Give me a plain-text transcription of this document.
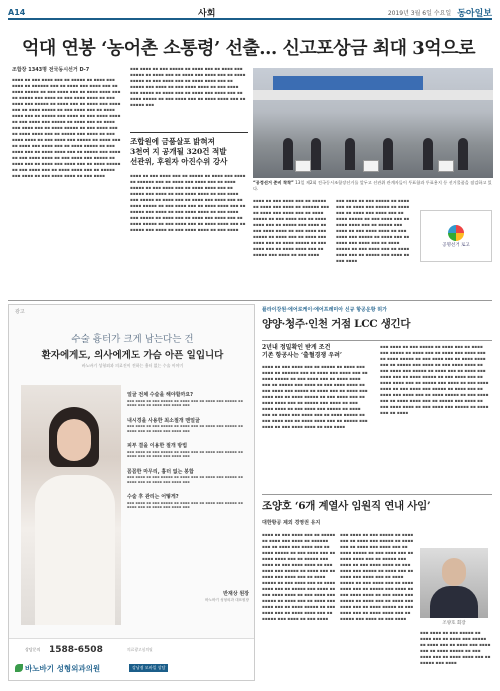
A14	사회	2019년 3월 6일 수요일 동아일보
억대 연봉 ‘농어촌 소통령’ 선출… 신고포상금 최대 3억으로
조합장 1343명 전국동시선거 D-7
▪▪▪▪ ▪▪ ▪▪▪ ▪▪▪▪ ▪▪▪ ▪▪ ▪▪▪▪▪ ▪▪ ▪▪▪▪ ▪▪▪ ▪▪▪▪ ▪▪ ▪▪▪▪▪▪ ▪▪▪ ▪▪ ▪▪▪▪ ▪▪▪ ▪▪▪▪ ▪▪▪ ▪▪ ▪▪▪▪ ▪▪▪▪▪ ▪▪ ▪▪▪ ▪▪▪▪ ▪▪▪ ▪▪ ▪▪▪▪ ▪▪▪▪ ▪▪▪ ▪▪ ▪▪▪▪▪ ▪▪▪ ▪▪▪▪ ▪▪ ▪▪▪ ▪▪▪▪ ▪▪▪▪ ▪▪ ▪▪▪ ▪▪▪▪ ▪▪▪ ▪▪▪▪▪ ▪▪ ▪▪▪▪ ▪▪▪ ▪▪ ▪▪▪▪ ▪▪▪ ▪▪▪▪ ▪▪▪ ▪▪ ▪▪▪▪ ▪▪▪▪▪ ▪▪ ▪▪▪ ▪▪▪▪ ▪▪▪ ▪▪ ▪▪▪▪ ▪▪▪▪ ▪▪▪ ▪▪ ▪▪▪▪▪ ▪▪▪ ▪▪▪▪ ▪▪ ▪▪▪ ▪▪▪▪ ▪▪▪▪ ▪▪ ▪▪▪ ▪▪▪▪ ▪▪▪ ▪▪▪▪▪ ▪▪ ▪▪▪▪ ▪▪▪ ▪▪ ▪▪▪▪ ▪▪▪ ▪▪▪▪ ▪▪▪ ▪▪ ▪▪▪▪ ▪▪▪▪▪ ▪▪ ▪▪▪ ▪▪▪▪ ▪▪▪ ▪▪ ▪▪▪▪ ▪▪▪▪ ▪▪▪ ▪▪ ▪▪▪▪▪ ▪▪▪ ▪▪▪▪ ▪▪ ▪▪▪ ▪▪▪▪ ▪▪▪▪ ▪▪ ▪▪▪ ▪▪▪▪ ▪▪▪ ▪▪▪▪▪ ▪▪ ▪▪▪▪ ▪▪▪ ▪▪ ▪▪▪▪ ▪▪▪ ▪▪▪▪ ▪▪▪ ▪▪ ▪▪▪▪ ▪▪▪▪▪ ▪▪ ▪▪▪ ▪▪▪▪ ▪▪▪ ▪▪ ▪▪▪▪ ▪▪▪▪ ▪▪▪ ▪▪ ▪▪▪▪▪ ▪▪▪ ▪▪▪▪ ▪▪ ▪▪▪ ▪▪▪▪ ▪▪▪▪ ▪▪ ▪▪▪ ▪▪▪▪ ▪▪▪ ▪▪▪▪▪ ▪▪ ▪▪▪▪ ▪▪▪ ▪▪ ▪▪▪▪ ▪▪▪ ▪▪▪▪ ▪▪▪ ▪▪ ▪▪▪▪ ▪▪▪▪▪ ▪▪ ▪▪▪ ▪▪▪▪ ▪▪▪ ▪▪ ▪▪▪▪ ▪▪▪▪ ▪▪▪ ▪▪ ▪▪▪▪▪ ▪▪▪ ▪▪▪▪ ▪▪ ▪▪▪ ▪▪▪▪ ▪▪▪▪ ▪▪ ▪▪▪ ▪▪▪▪
▪▪▪ ▪▪▪▪ ▪▪ ▪▪▪ ▪▪▪▪▪ ▪▪ ▪▪▪▪ ▪▪▪ ▪▪ ▪▪▪▪ ▪▪▪ ▪▪▪▪▪ ▪▪ ▪▪▪▪ ▪▪▪ ▪▪ ▪▪▪▪ ▪▪▪ ▪▪▪▪ ▪▪▪ ▪▪ ▪▪▪▪ ▪▪▪▪▪ ▪▪ ▪▪▪ ▪▪▪▪ ▪▪▪ ▪▪ ▪▪▪▪ ▪▪▪▪ ▪▪▪ ▪▪ ▪▪▪▪▪ ▪▪▪ ▪▪▪▪ ▪▪ ▪▪▪ ▪▪▪▪ ▪▪▪▪ ▪▪ ▪▪▪ ▪▪▪▪ ▪▪▪ ▪▪▪▪▪ ▪▪ ▪▪▪▪ ▪▪▪ ▪▪ ▪▪▪▪ ▪▪▪ ▪▪▪▪ ▪▪▪ ▪▪ ▪▪▪▪ ▪▪▪▪▪ ▪▪ ▪▪▪ ▪▪▪▪ ▪▪▪ ▪▪ ▪▪▪▪ ▪▪▪▪ ▪▪▪ ▪▪ ▪▪▪▪▪ ▪▪▪
조합원에 금품살포 밝혀져
3천여 지 공개될 320건 적발
선관위, 후원자 아진수위 강사
▪▪▪▪ ▪▪ ▪▪▪ ▪▪▪▪ ▪▪▪ ▪▪ ▪▪▪▪▪ ▪▪ ▪▪▪▪ ▪▪▪ ▪▪▪▪ ▪▪ ▪▪▪▪▪▪ ▪▪▪ ▪▪ ▪▪▪▪ ▪▪▪ ▪▪▪▪ ▪▪▪ ▪▪ ▪▪▪▪ ▪▪▪▪▪ ▪▪ ▪▪▪ ▪▪▪▪ ▪▪▪ ▪▪ ▪▪▪▪ ▪▪▪▪ ▪▪▪ ▪▪ ▪▪▪▪▪ ▪▪▪ ▪▪▪▪ ▪▪ ▪▪▪ ▪▪▪▪ ▪▪▪▪ ▪▪ ▪▪▪ ▪▪▪▪ ▪▪▪ ▪▪▪▪▪ ▪▪ ▪▪▪▪ ▪▪▪ ▪▪ ▪▪▪▪ ▪▪▪ ▪▪▪▪ ▪▪▪ ▪▪ ▪▪▪▪ ▪▪▪▪▪ ▪▪ ▪▪▪ ▪▪▪▪ ▪▪▪ ▪▪ ▪▪▪▪ ▪▪▪▪ ▪▪▪ ▪▪ ▪▪▪▪▪ ▪▪▪ ▪▪▪▪ ▪▪ ▪▪▪ ▪▪▪▪ ▪▪▪▪ ▪▪ ▪▪▪ ▪▪▪▪ ▪▪▪ ▪▪▪▪▪ ▪▪ ▪▪▪▪ ▪▪▪ ▪▪ ▪▪▪▪ ▪▪▪ ▪▪▪▪ ▪▪▪ ▪▪ ▪▪▪▪ ▪▪▪▪▪ ▪▪ ▪▪▪ ▪▪▪▪ ▪▪▪ ▪▪ ▪▪▪▪ ▪▪▪▪ ▪▪▪ ▪▪ ▪▪▪▪▪ ▪▪▪ ▪▪▪▪ ▪▪ ▪▪▪ ▪▪▪▪ ▪▪▪▪ ▪▪ ▪▪▪ ▪▪▪▪
“공정선거 준비 착착” 13일 제2회 전국동시조합장선거를 앞두고 선관위 관계자들이 투표함과 투표용지 등 선거물품을 점검하고 있다.
▪▪▪▪ ▪▪ ▪▪▪ ▪▪▪▪ ▪▪▪ ▪▪ ▪▪▪▪▪ ▪▪ ▪▪▪▪ ▪▪▪ ▪▪▪▪ ▪▪ ▪▪▪▪▪▪ ▪▪▪ ▪▪ ▪▪▪▪ ▪▪▪ ▪▪▪▪ ▪▪▪ ▪▪ ▪▪▪▪ ▪▪▪▪▪ ▪▪ ▪▪▪ ▪▪▪▪ ▪▪▪ ▪▪ ▪▪▪▪ ▪▪▪▪ ▪▪▪ ▪▪ ▪▪▪▪▪ ▪▪▪ ▪▪▪▪ ▪▪ ▪▪▪ ▪▪▪▪ ▪▪▪▪ ▪▪ ▪▪▪ ▪▪▪▪ ▪▪▪ ▪▪▪▪▪ ▪▪ ▪▪▪▪ ▪▪▪ ▪▪ ▪▪▪▪ ▪▪▪ ▪▪▪▪ ▪▪▪ ▪▪ ▪▪▪▪ ▪▪▪▪▪ ▪▪ ▪▪▪ ▪▪▪▪ ▪▪▪ ▪▪ ▪▪▪▪ ▪▪▪▪ ▪▪▪ ▪▪ ▪▪▪▪▪ ▪▪▪ ▪▪▪▪ ▪▪ ▪▪▪ ▪▪▪▪
▪▪▪ ▪▪▪▪ ▪▪ ▪▪▪ ▪▪▪▪▪ ▪▪ ▪▪▪▪ ▪▪▪ ▪▪ ▪▪▪▪ ▪▪▪ ▪▪▪▪▪ ▪▪ ▪▪▪▪ ▪▪▪ ▪▪ ▪▪▪▪ ▪▪▪ ▪▪▪▪ ▪▪▪ ▪▪ ▪▪▪▪ ▪▪▪▪▪ ▪▪ ▪▪▪ ▪▪▪▪ ▪▪▪ ▪▪ ▪▪▪▪ ▪▪▪▪ ▪▪▪ ▪▪ ▪▪▪▪▪ ▪▪▪ ▪▪▪▪ ▪▪ ▪▪▪ ▪▪▪▪ ▪▪▪▪ ▪▪ ▪▪▪ ▪▪▪▪ ▪▪▪ ▪▪▪▪▪ ▪▪ ▪▪▪▪ ▪▪▪ ▪▪ ▪▪▪▪ ▪▪▪ ▪▪▪▪ ▪▪▪ ▪▪ ▪▪▪▪ ▪▪▪▪▪ ▪▪ ▪▪▪ ▪▪▪▪ ▪▪▪ ▪▪ ▪▪▪▪ ▪▪▪▪ ▪▪▪ ▪▪ ▪▪▪▪▪ ▪▪▪ ▪▪▪▪ ▪▪ ▪▪▪ ▪▪▪▪
공명선거 로고
광고
수술 흉터가 크게 남는다는 건
환자에게도, 의사에게도 가슴 아픈 일입니다
바노바기 성형외과 의료진이 전하는 흉터 없는 수술 이야기
얼굴 전체 수술을 해야할까요?
▪▪▪ ▪▪▪▪ ▪▪ ▪▪▪ ▪▪▪▪▪ ▪▪ ▪▪▪▪ ▪▪▪ ▪▪ ▪▪▪▪ ▪▪▪ ▪▪▪▪▪ ▪▪ ▪▪▪▪ ▪▪▪ ▪▪ ▪▪▪▪ ▪▪▪ ▪▪▪▪ ▪▪▪
내시경을 사용한 최소절개 맨얼굴
▪▪▪ ▪▪▪▪ ▪▪ ▪▪▪ ▪▪▪▪▪ ▪▪ ▪▪▪▪ ▪▪▪ ▪▪ ▪▪▪▪ ▪▪▪ ▪▪▪▪▪ ▪▪ ▪▪▪▪ ▪▪▪ ▪▪ ▪▪▪▪ ▪▪▪ ▪▪▪▪ ▪▪▪
피부 결을 이용한 절개 방법
▪▪▪ ▪▪▪▪ ▪▪ ▪▪▪ ▪▪▪▪▪ ▪▪ ▪▪▪▪ ▪▪▪ ▪▪ ▪▪▪▪ ▪▪▪ ▪▪▪▪▪ ▪▪ ▪▪▪▪ ▪▪▪ ▪▪ ▪▪▪▪ ▪▪▪ ▪▪▪▪ ▪▪▪
꼼꼼한 마무리, 흉터 없는 봉합
▪▪▪ ▪▪▪▪ ▪▪ ▪▪▪ ▪▪▪▪▪ ▪▪ ▪▪▪▪ ▪▪▪ ▪▪ ▪▪▪▪ ▪▪▪ ▪▪▪▪▪ ▪▪ ▪▪▪▪ ▪▪▪ ▪▪ ▪▪▪▪ ▪▪▪ ▪▪▪▪ ▪▪▪
수술 후 관리는 어떻게?
▪▪▪ ▪▪▪▪ ▪▪ ▪▪▪ ▪▪▪▪▪ ▪▪ ▪▪▪▪ ▪▪▪ ▪▪ ▪▪▪▪ ▪▪▪ ▪▪▪▪▪ ▪▪ ▪▪▪▪ ▪▪▪ ▪▪ ▪▪▪▪ ▪▪▪ ▪▪▪▪ ▪▪▪
반재상 원장
바노바기 성형외과 대표원장
상담문의 1588-6508	의료광고심의필
바노바기 성형외과의원	강남점 모바일 상담
플라이강원·에어로케이·에어프레미아 신규 항공운항 허가
양양·청주·인천 거점 LCC 생긴다
2년내 정밀확인 받게 조건
기존 항공사는 ‘출혈경쟁 우려’
▪▪▪▪ ▪▪ ▪▪▪ ▪▪▪▪ ▪▪▪ ▪▪ ▪▪▪▪▪ ▪▪ ▪▪▪▪ ▪▪▪ ▪▪▪▪ ▪▪ ▪▪▪▪▪▪ ▪▪▪ ▪▪ ▪▪▪▪ ▪▪▪ ▪▪▪▪ ▪▪▪ ▪▪ ▪▪▪▪ ▪▪▪▪▪ ▪▪ ▪▪▪ ▪▪▪▪ ▪▪▪ ▪▪ ▪▪▪▪ ▪▪▪▪ ▪▪▪ ▪▪ ▪▪▪▪▪ ▪▪▪ ▪▪▪▪ ▪▪ ▪▪▪ ▪▪▪▪ ▪▪▪▪ ▪▪ ▪▪▪ ▪▪▪▪ ▪▪▪ ▪▪▪▪▪ ▪▪ ▪▪▪▪ ▪▪▪ ▪▪ ▪▪▪▪ ▪▪▪ ▪▪▪▪ ▪▪▪ ▪▪ ▪▪▪▪ ▪▪▪▪▪ ▪▪ ▪▪▪ ▪▪▪▪ ▪▪▪ ▪▪ ▪▪▪▪ ▪▪▪▪ ▪▪▪ ▪▪ ▪▪▪▪▪ ▪▪▪ ▪▪▪▪ ▪▪ ▪▪▪ ▪▪▪▪ ▪▪▪▪ ▪▪ ▪▪▪ ▪▪▪▪ ▪▪▪ ▪▪▪▪▪ ▪▪ ▪▪▪▪ ▪▪▪ ▪▪ ▪▪▪▪ ▪▪▪ ▪▪▪▪ ▪▪▪ ▪▪ ▪▪▪▪ ▪▪▪▪▪ ▪▪ ▪▪▪ ▪▪▪▪ ▪▪▪ ▪▪ ▪▪▪▪ ▪▪▪▪ ▪▪▪ ▪▪ ▪▪▪▪▪ ▪▪▪ ▪▪▪▪ ▪▪ ▪▪▪ ▪▪▪▪ ▪▪▪▪ ▪▪ ▪▪▪ ▪▪▪▪
▪▪▪ ▪▪▪▪ ▪▪ ▪▪▪ ▪▪▪▪▪ ▪▪ ▪▪▪▪ ▪▪▪ ▪▪ ▪▪▪▪ ▪▪▪ ▪▪▪▪▪ ▪▪ ▪▪▪▪ ▪▪▪ ▪▪ ▪▪▪▪ ▪▪▪ ▪▪▪▪ ▪▪▪ ▪▪ ▪▪▪▪ ▪▪▪▪▪ ▪▪ ▪▪▪ ▪▪▪▪ ▪▪▪ ▪▪ ▪▪▪▪ ▪▪▪▪ ▪▪▪ ▪▪ ▪▪▪▪▪ ▪▪▪ ▪▪▪▪ ▪▪ ▪▪▪ ▪▪▪▪ ▪▪▪▪ ▪▪ ▪▪▪ ▪▪▪▪ ▪▪▪ ▪▪▪▪▪ ▪▪ ▪▪▪▪ ▪▪▪ ▪▪ ▪▪▪▪ ▪▪▪ ▪▪▪▪ ▪▪▪ ▪▪ ▪▪▪▪ ▪▪▪▪▪ ▪▪ ▪▪▪ ▪▪▪▪ ▪▪▪ ▪▪ ▪▪▪▪ ▪▪▪▪ ▪▪▪ ▪▪ ▪▪▪▪▪ ▪▪▪ ▪▪▪▪ ▪▪ ▪▪▪ ▪▪▪▪ ▪▪▪▪ ▪▪ ▪▪▪ ▪▪▪▪ ▪▪▪ ▪▪▪▪▪ ▪▪ ▪▪▪▪ ▪▪▪ ▪▪ ▪▪▪▪ ▪▪▪ ▪▪▪▪ ▪▪▪ ▪▪ ▪▪▪▪ ▪▪▪▪▪ ▪▪ ▪▪▪ ▪▪▪▪ ▪▪▪ ▪▪ ▪▪▪▪ ▪▪▪▪ ▪▪▪ ▪▪ ▪▪▪▪▪ ▪▪▪ ▪▪▪▪ ▪▪ ▪▪▪ ▪▪▪▪ ▪▪▪▪ ▪▪ ▪▪▪ ▪▪▪▪ ▪▪▪ ▪▪▪▪▪ ▪▪ ▪▪▪▪ ▪▪▪ ▪▪ ▪▪▪▪
조양호 ‘6개 계열사 임원직 연내 사임’
대한항공 제외 경영권 유지
▪▪▪▪ ▪▪ ▪▪▪ ▪▪▪▪ ▪▪▪ ▪▪ ▪▪▪▪▪ ▪▪ ▪▪▪▪ ▪▪▪ ▪▪▪▪ ▪▪ ▪▪▪▪▪▪ ▪▪▪ ▪▪ ▪▪▪▪ ▪▪▪ ▪▪▪▪ ▪▪▪ ▪▪ ▪▪▪▪ ▪▪▪▪▪ ▪▪ ▪▪▪ ▪▪▪▪ ▪▪▪ ▪▪ ▪▪▪▪ ▪▪▪▪ ▪▪▪ ▪▪ ▪▪▪▪▪ ▪▪▪ ▪▪▪▪ ▪▪ ▪▪▪ ▪▪▪▪ ▪▪▪▪ ▪▪ ▪▪▪ ▪▪▪▪ ▪▪▪ ▪▪▪▪▪ ▪▪ ▪▪▪▪ ▪▪▪ ▪▪ ▪▪▪▪ ▪▪▪ ▪▪▪▪ ▪▪▪ ▪▪ ▪▪▪▪ ▪▪▪▪▪ ▪▪ ▪▪▪ ▪▪▪▪ ▪▪▪ ▪▪ ▪▪▪▪ ▪▪▪▪ ▪▪▪ ▪▪ ▪▪▪▪▪ ▪▪▪ ▪▪▪▪ ▪▪ ▪▪▪ ▪▪▪▪ ▪▪▪▪ ▪▪ ▪▪▪ ▪▪▪▪ ▪▪▪ ▪▪▪▪▪ ▪▪ ▪▪▪▪ ▪▪▪ ▪▪ ▪▪▪▪ ▪▪▪ ▪▪▪▪ ▪▪▪ ▪▪ ▪▪▪▪ ▪▪▪▪▪ ▪▪ ▪▪▪ ▪▪▪▪ ▪▪▪ ▪▪ ▪▪▪▪ ▪▪▪▪ ▪▪▪ ▪▪ ▪▪▪▪▪ ▪▪▪ ▪▪▪▪ ▪▪ ▪▪▪ ▪▪▪▪
▪▪▪ ▪▪▪▪ ▪▪ ▪▪▪ ▪▪▪▪▪ ▪▪ ▪▪▪▪ ▪▪▪ ▪▪ ▪▪▪▪ ▪▪▪ ▪▪▪▪▪ ▪▪ ▪▪▪▪ ▪▪▪ ▪▪ ▪▪▪▪ ▪▪▪ ▪▪▪▪ ▪▪▪ ▪▪ ▪▪▪▪ ▪▪▪▪▪ ▪▪ ▪▪▪ ▪▪▪▪ ▪▪▪ ▪▪ ▪▪▪▪ ▪▪▪▪ ▪▪▪ ▪▪ ▪▪▪▪▪ ▪▪▪ ▪▪▪▪ ▪▪ ▪▪▪ ▪▪▪▪ ▪▪▪▪ ▪▪ ▪▪▪ ▪▪▪▪ ▪▪▪ ▪▪▪▪▪ ▪▪ ▪▪▪▪ ▪▪▪ ▪▪ ▪▪▪▪ ▪▪▪ ▪▪▪▪ ▪▪▪ ▪▪ ▪▪▪▪ ▪▪▪▪▪ ▪▪ ▪▪▪ ▪▪▪▪ ▪▪▪ ▪▪ ▪▪▪▪ ▪▪▪▪ ▪▪▪ ▪▪ ▪▪▪▪▪ ▪▪▪ ▪▪▪▪ ▪▪ ▪▪▪ ▪▪▪▪ ▪▪▪▪ ▪▪ ▪▪▪ ▪▪▪▪ ▪▪▪ ▪▪▪▪▪ ▪▪ ▪▪▪▪ ▪▪▪ ▪▪ ▪▪▪▪ ▪▪▪ ▪▪▪▪ ▪▪▪ ▪▪ ▪▪▪▪ ▪▪▪▪▪ ▪▪ ▪▪▪ ▪▪▪▪ ▪▪▪ ▪▪ ▪▪▪▪ ▪▪▪▪ ▪▪▪ ▪▪ ▪▪▪▪▪ ▪▪▪ ▪▪▪▪ ▪▪ ▪▪▪ ▪▪▪▪
조양호 회장
▪▪▪ ▪▪▪▪ ▪▪ ▪▪▪ ▪▪▪▪▪ ▪▪ ▪▪▪▪ ▪▪▪ ▪▪ ▪▪▪▪ ▪▪▪ ▪▪▪▪▪ ▪▪ ▪▪▪▪ ▪▪▪ ▪▪ ▪▪▪▪ ▪▪▪ ▪▪▪▪ ▪▪▪ ▪▪ ▪▪▪▪ ▪▪▪▪▪ ▪▪ ▪▪▪ ▪▪▪▪ ▪▪▪ ▪▪ ▪▪▪▪ ▪▪▪▪ ▪▪▪ ▪▪ ▪▪▪▪▪ ▪▪▪ ▪▪▪▪
